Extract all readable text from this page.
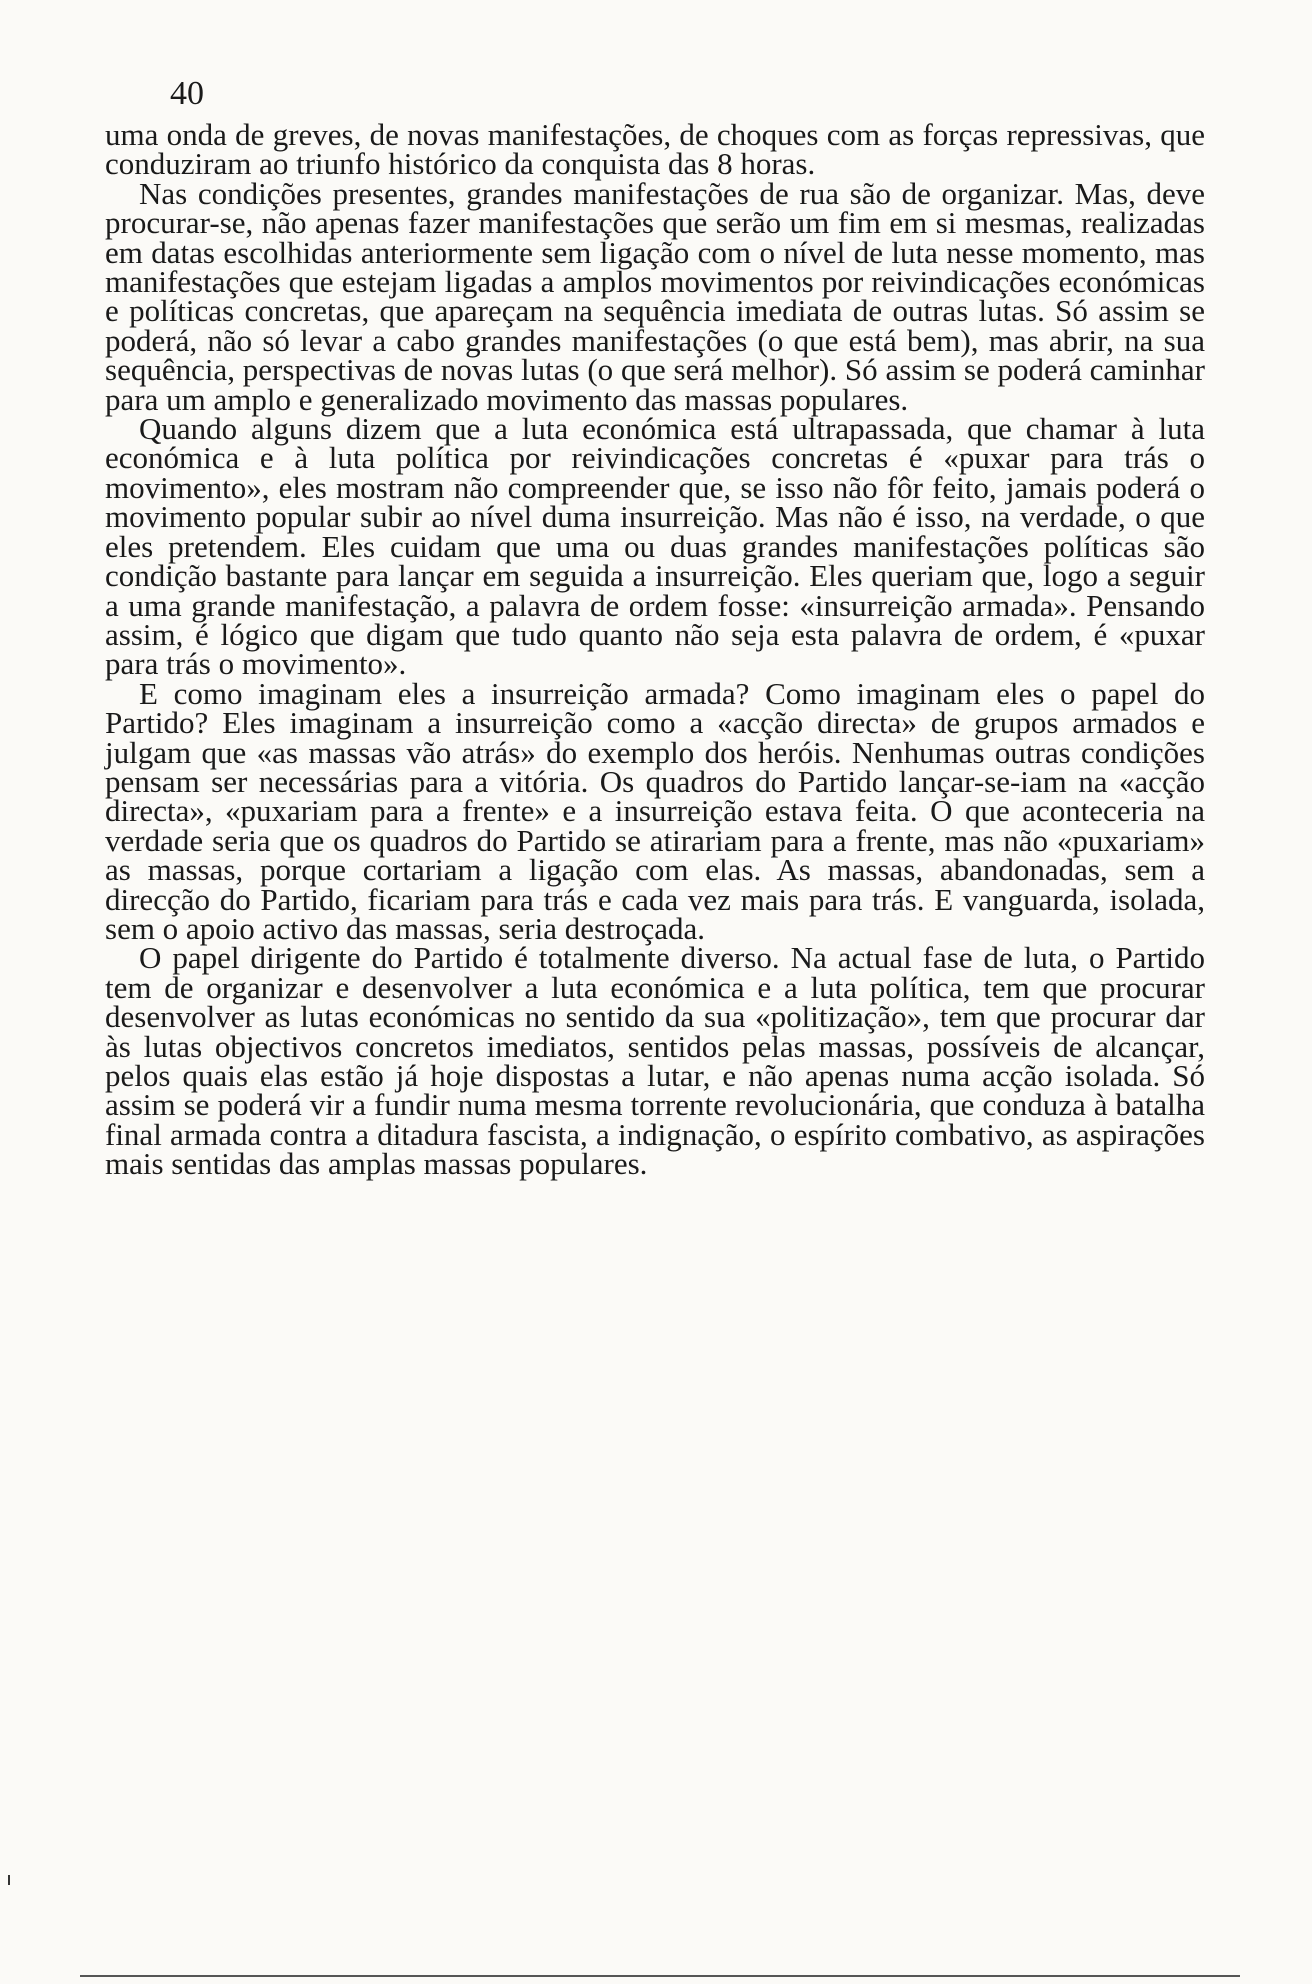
40

uma onda de greves, de novas manifestações, de choques com as forças repressivas, que conduziram ao triunfo histórico da conquista das 8 horas.

Nas condições presentes, grandes manifestações de rua são de organizar. Mas, deve procurar-se, não apenas fazer manifestações que serão um fim em si mesmas, realizadas em datas escolhidas anteriormente sem ligação com o nível de luta nesse momento, mas manifestações que estejam ligadas a amplos movimentos por reivindicações económicas e políticas concretas, que apareçam na sequência imediata de outras lutas. Só assim se poderá, não só levar a cabo grandes manifestações (o que está bem), mas abrir, na sua sequência, perspectivas de novas lutas (o que será melhor). Só assim se poderá caminhar para um amplo e generalizado movimento das massas populares.

Quando alguns dizem que a luta económica está ultrapassada, que chamar à luta económica e à luta política por reivindicações concretas é «puxar para trás o movimento», eles mostram não compreender que, se isso não fôr feito, jamais poderá o movimento popular subir ao nível duma insurreição. Mas não é isso, na verdade, o que eles pretendem. Eles cuidam que uma ou duas grandes manifestações políticas são condição bastante para lançar em seguida a insurreição. Eles queriam que, logo a seguir a uma grande manifestação, a palavra de ordem fosse: «insurreição armada». Pensando assim, é lógico que digam que tudo quanto não seja esta palavra de ordem, é «puxar para trás o movimento».

E como imaginam eles a insurreição armada? Como imaginam eles o papel do Partido? Eles imaginam a insurreição como a «acção directa» de grupos armados e julgam que «as massas vão atrás» do exemplo dos heróis. Nenhumas outras condições pensam ser necessárias para a vitória. Os quadros do Partido lançar-se-iam na «acção directa», «puxariam para a frente» e a insurreição estava feita. O que aconteceria na verdade seria que os quadros do Partido se atirariam para a frente, mas não «puxariam» as massas, porque cortariam a ligação com elas. As massas, abandonadas, sem a direcção do Partido, ficariam para trás e cada vez mais para trás. E vanguarda, isolada, sem o apoio activo das massas, seria destroçada.

O papel dirigente do Partido é totalmente diverso. Na actual fase de luta, o Partido tem de organizar e desenvolver a luta económica e a luta política, tem que procurar desenvolver as lutas económicas no sentido da sua «politização», tem que procurar dar às lutas objectivos concretos imediatos, sentidos pelas massas, possíveis de alcançar, pelos quais elas estão já hoje dispostas a lutar, e não apenas numa acção isolada. Só assim se poderá vir a fundir numa mesma torrente revolucionária, que conduza à batalha final armada contra a ditadura fascista, a indignação, o espírito combativo, as aspirações mais sentidas das amplas massas populares.
